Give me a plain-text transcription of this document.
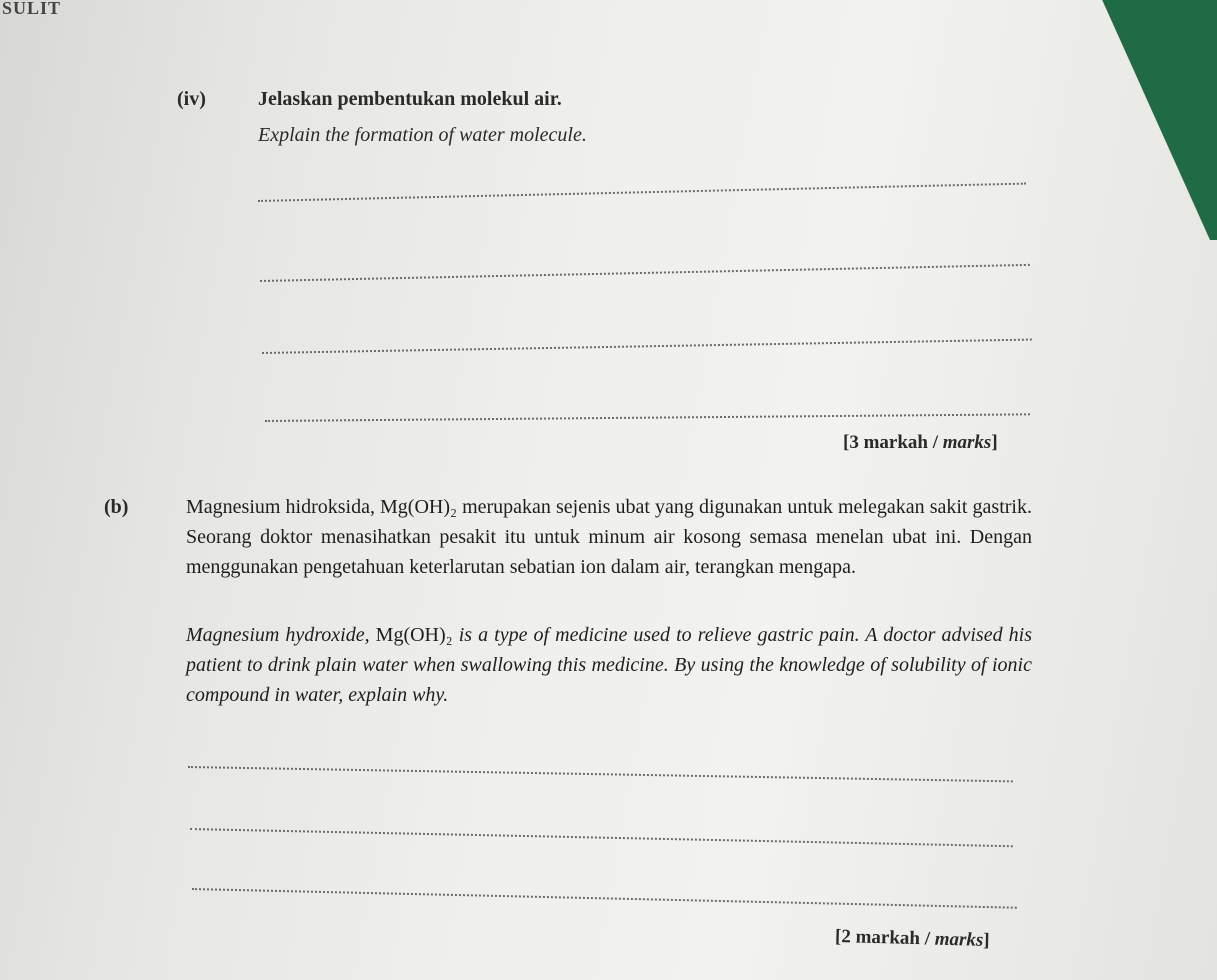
SULIT
(iv)	Jelaskan pembentukan molekul air.
Explain the formation of water molecule.
[3 markah / marks]
(b)	Magnesium hidroksida, Mg(OH)₂ merupakan sejenis ubat yang digunakan untuk melegakan sakit gastrik. Seorang doktor menasihatkan pesakit itu untuk minum air kosong semasa menelan ubat ini. Dengan menggunakan pengetahuan keterlarutan sebatian ion dalam air, terangkan mengapa.
Magnesium hydroxide, Mg(OH)₂ is a type of medicine used to relieve gastric pain. A doctor advised his patient to drink plain water when swallowing this medicine. By using the knowledge of solubility of ionic compound in water, explain why.
[2 markah / marks]
